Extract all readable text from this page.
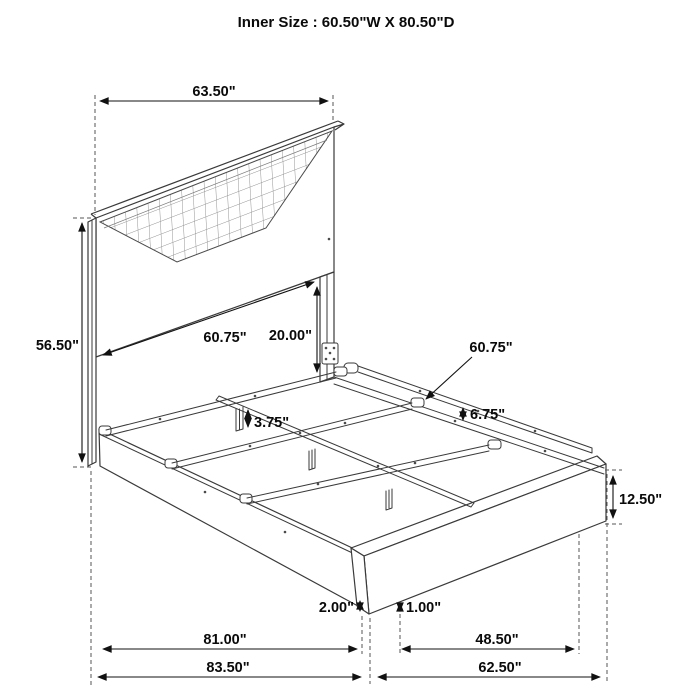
Inner Size : 60.50"W X 80.50"D
63.50"
56.50"	60.75" 20.00"
60.75"
6.75"
3.75"
12.50"
2.00"	1.00"
81.00"	48.50"
83.50"	62.50"
